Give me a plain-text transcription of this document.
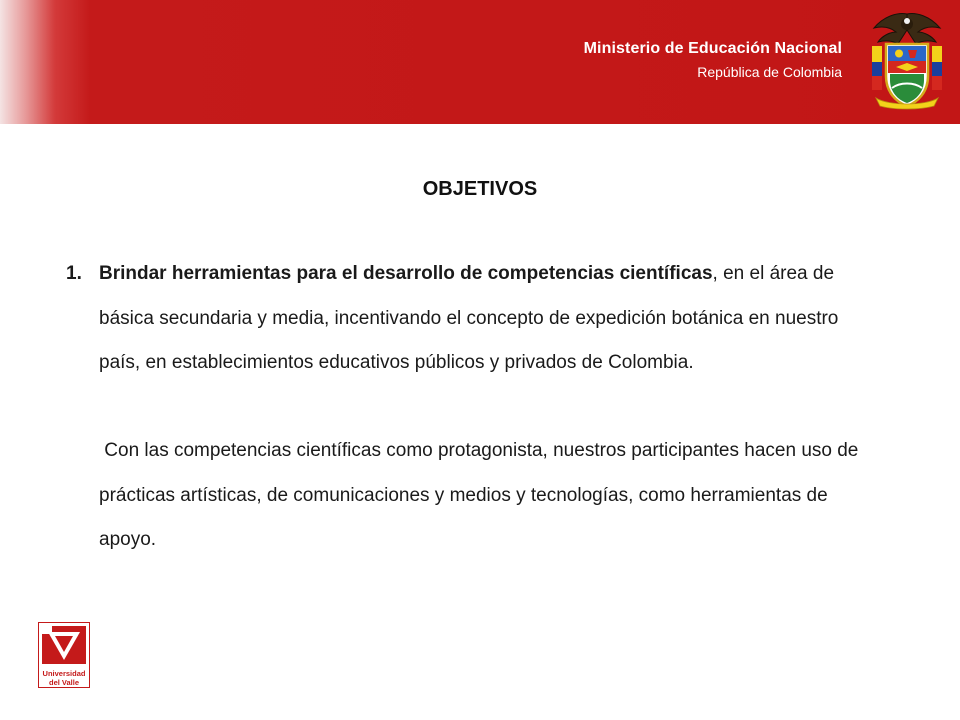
Ministerio de Educación Nacional
República de Colombia
OBJETIVOS
1. Brindar herramientas para el desarrollo de competencias científicas, en el área de básica secundaria y media, incentivando el concepto de expedición botánica en nuestro país, en establecimientos educativos públicos y privados de Colombia.
Con las competencias científicas como protagonista, nuestros participantes hacen uso de prácticas artísticas, de comunicaciones y medios y tecnologías, como herramientas de apoyo.
Universidad
del Valle
